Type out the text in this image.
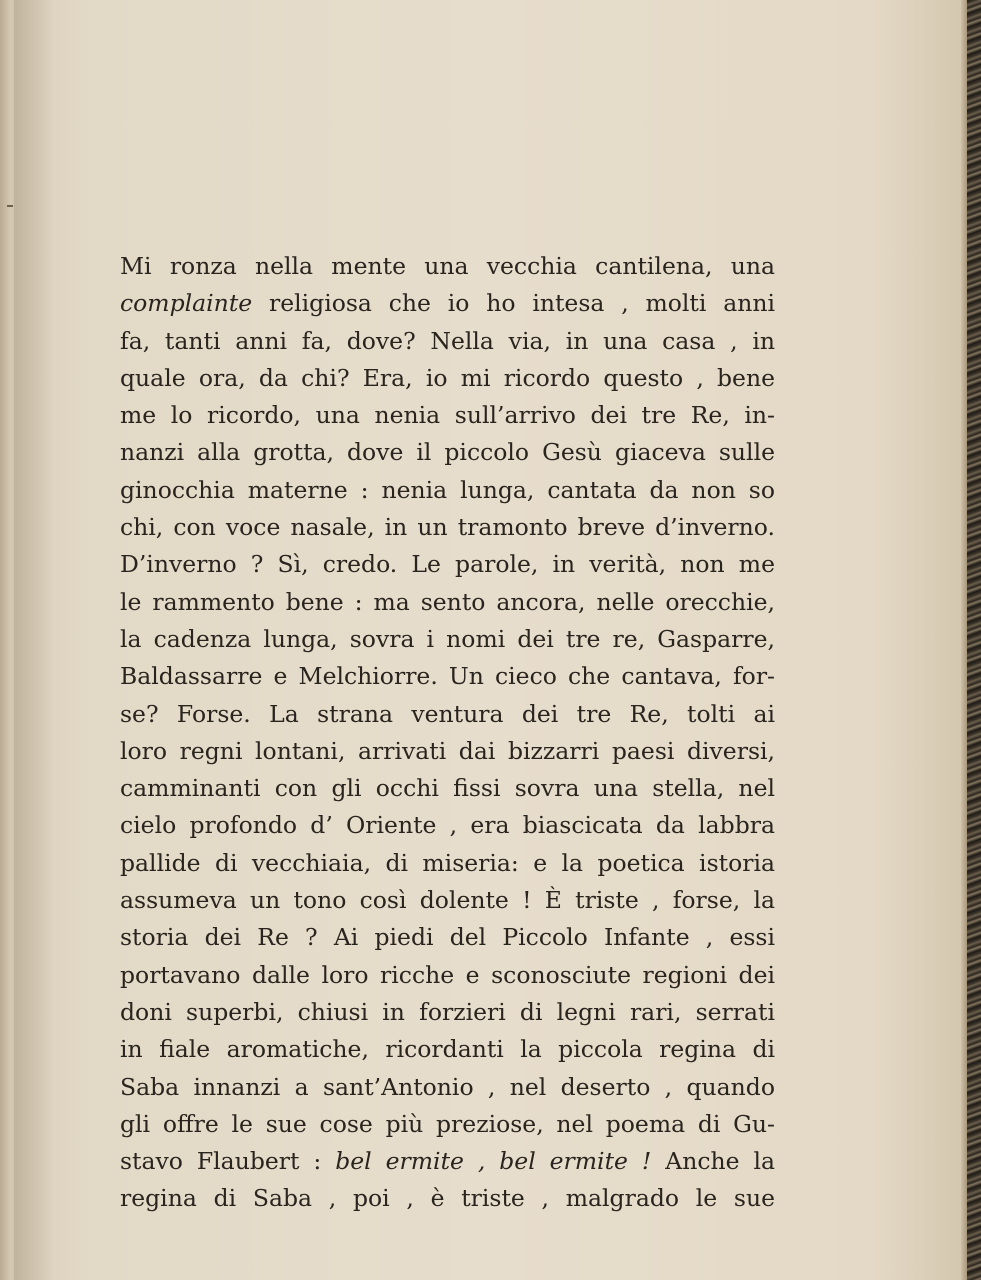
Mi ronza nella mente una vecchia cantilena, una
complainte religiosa che io ho intesa , molti anni
fa, tanti anni fa, dove? Nella via, in una casa , in
quale ora, da chi? Era, io mi ricordo questo , bene
me lo ricordo, una nenia sull’arrivo dei tre Re, in-
nanzi alla grotta, dove il piccolo Gesù giaceva sulle
ginocchia materne : nenia lunga, cantata da non so
chi, con voce nasale, in un tramonto breve d’inverno.
D’inverno ? Sì, credo. Le parole, in verità, non me
le rammento bene : ma sento ancora, nelle orecchie,
la cadenza lunga, sovra i nomi dei tre re, Gasparre,
Baldassarre e Melchiorre. Un cieco che cantava, for-
se? Forse. La strana ventura dei tre Re, tolti ai
loro regni lontani, arrivati dai bizzarri paesi diversi,
camminanti con gli occhi fissi sovra una stella, nel
cielo profondo d’ Oriente , era biascicata da labbra
pallide di vecchiaia, di miseria: e la poetica istoria
assumeva un tono così dolente ! È triste , forse, la
storia dei Re ? Ai piedi del Piccolo Infante , essi
portavano dalle loro ricche e sconosciute regioni dei
doni superbi, chiusi in forzieri di legni rari, serrati
in fiale aromatiche, ricordanti la piccola regina di
Saba innanzi a sant’Antonio , nel deserto , quando
gli offre le sue cose più preziose, nel poema di Gu-
stavo Flaubert : bel ermite , bel ermite ! Anche la
regina di Saba , poi , è triste , malgrado le sue
